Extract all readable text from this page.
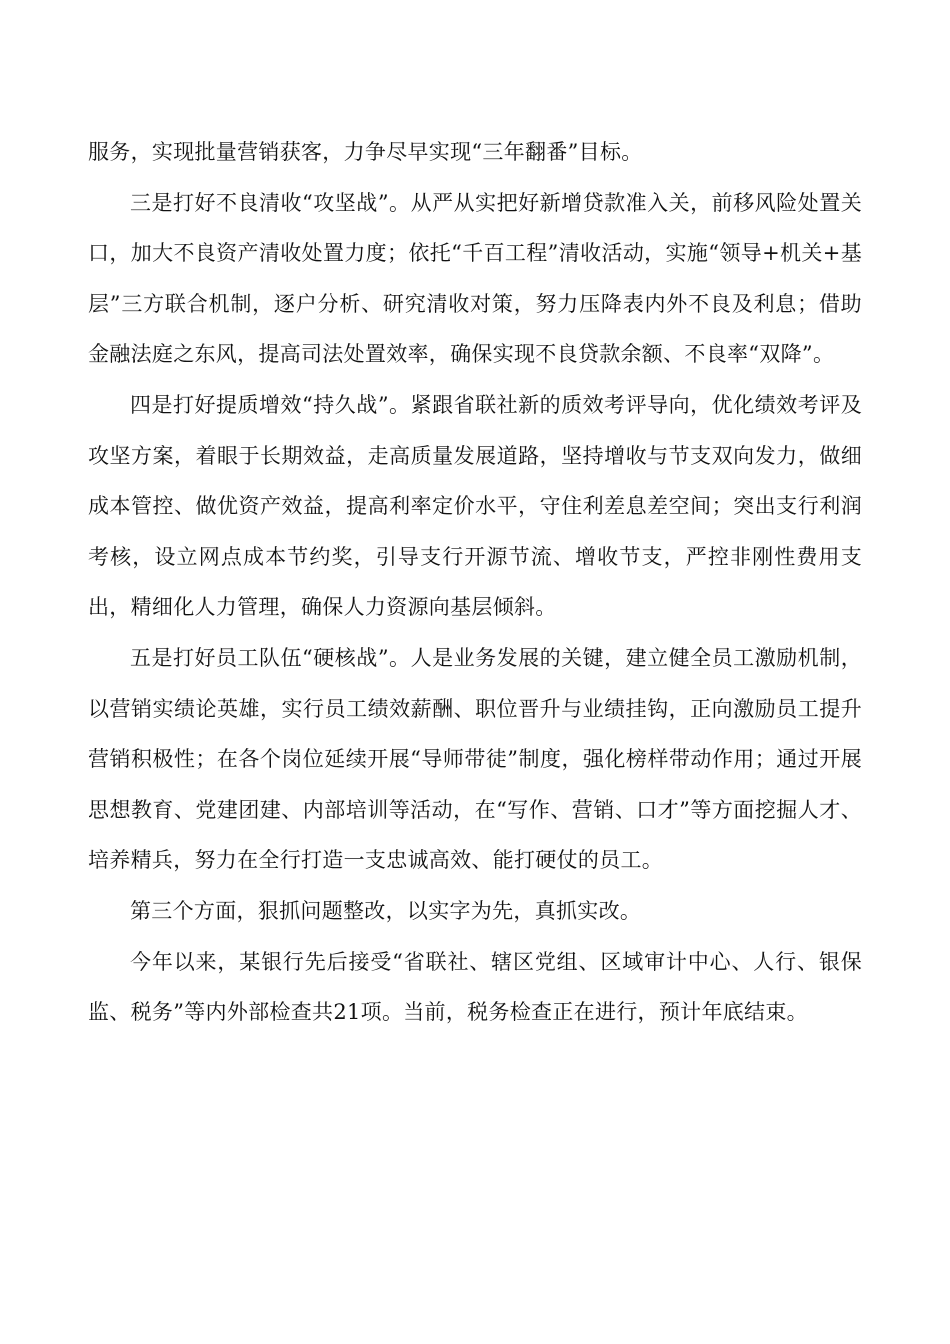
服务，实现批量营销获客，力争尽早实现“三年翻番”目标。

三是打好不良清收“攻坚战”。从严从实把好新增贷款准入关，前移风险处置关口，加大不良资产清收处置力度；依托“千百工程”清收活动，实施“领导+机关+基层”三方联合机制，逐户分析、研究清收对策，努力压降表内外不良及利息；借助金融法庭之东风，提高司法处置效率，确保实现不良贷款余额、不良率“双降”。

四是打好提质增效“持久战”。紧跟省联社新的质效考评导向，优化绩效考评及攻坚方案，着眼于长期效益，走高质量发展道路，坚持增收与节支双向发力，做细成本管控、做优资产效益，提高利率定价水平，守住利差息差空间；突出支行利润考核，设立网点成本节约奖，引导支行开源节流、增收节支，严控非刚性费用支出，精细化人力管理，确保人力资源向基层倾斜。

五是打好员工队伍“硬核战”。人是业务发展的关键，建立健全员工激励机制，以营销实绩论英雄，实行员工绩效薪酬、职位晋升与业绩挂钩，正向激励员工提升营销积极性；在各个岗位延续开展“导师带徒”制度，强化榜样带动作用；通过开展思想教育、党建团建、内部培训等活动，在“写作、营销、口才”等方面挖掘人才、培养精兵，努力在全行打造一支忠诚高效、能打硬仗的员工。

第三个方面，狠抓问题整改，以实字为先，真抓实改。

今年以来，某银行先后接受“省联社、辖区党组、区域审计中心、人行、银保监、税务”等内外部检查共21项。当前，税务检查正在进行，预计年底结束。
